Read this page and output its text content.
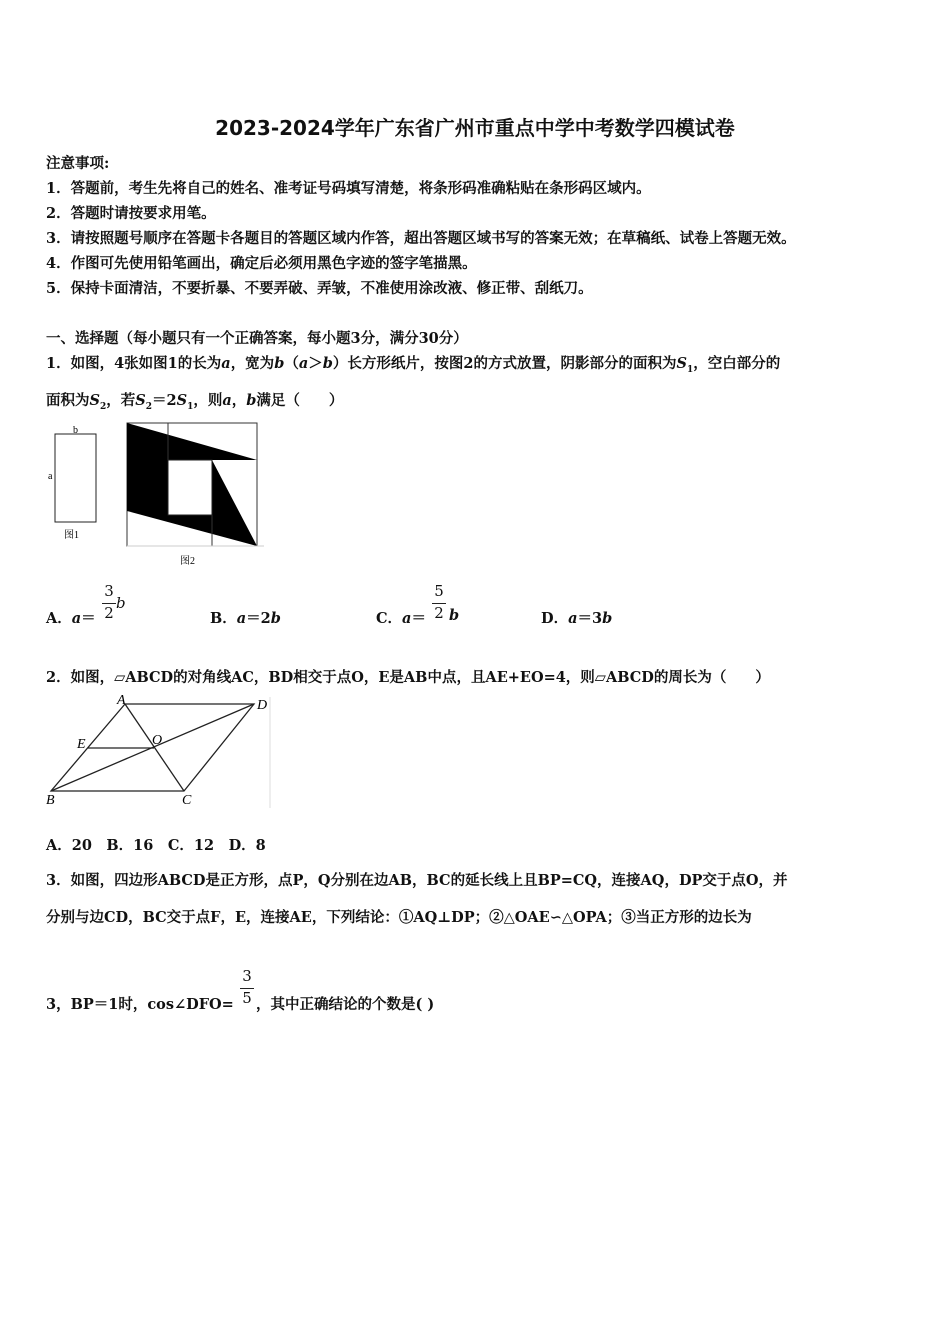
2023-2024学年广东省广州市重点中学中考数学四模试卷
注意事项:
1．答题前，考生先将自己的姓名、准考证号码填写清楚，将条形码准确粘贴在条形码区域内。
2．答题时请按要求用笔。
3．请按照题号顺序在答题卡各题目的答题区域内作答，超出答题区域书写的答案无效；在草稿纸、试卷上答题无效。
4．作图可先使用铅笔画出，确定后必须用黑色字迹的签字笔描黑。
5．保持卡面清洁，不要折暴、不要弄破、弄皱，不准使用涂改液、修正带、刮纸刀。
一、选择题（每小题只有一个正确答案，每小题3分，满分30分）
1．如图，4张如图1的长为a，宽为b（a＞b）长方形纸片，按图2的方式放置，阴影部分的面积为$S_1$，空白部分的
面积为$S_2$，若$S_2=2S_1$，则a，b满足（　　）
b
a
图1
图2
A．a＝
3
2
b
B．a＝2b	C．a＝
5
2 b	D．a＝3b
2．如图，▱ABCD的对角线AC，BD相交于点O，E是AB中点，且AE+EO=4，则▱ABCD的周长为（　　）
A	D
E	O
B	C
A．20　B．16　C．12　D．8
3．如图，四边形ABCD是正方形，点P，Q分别在边AB，BC的延长线上且BP=CQ，连接AQ，DP交于点O，并
分别与边CD，BC交于点F，E，连接AE，下列结论：①AQ⊥DP；②△OAE∽△OPA；③当正方形的边长为
3，BP＝1时，cos∠DFO=
3
5 ，其中正确结论的个数是( )
